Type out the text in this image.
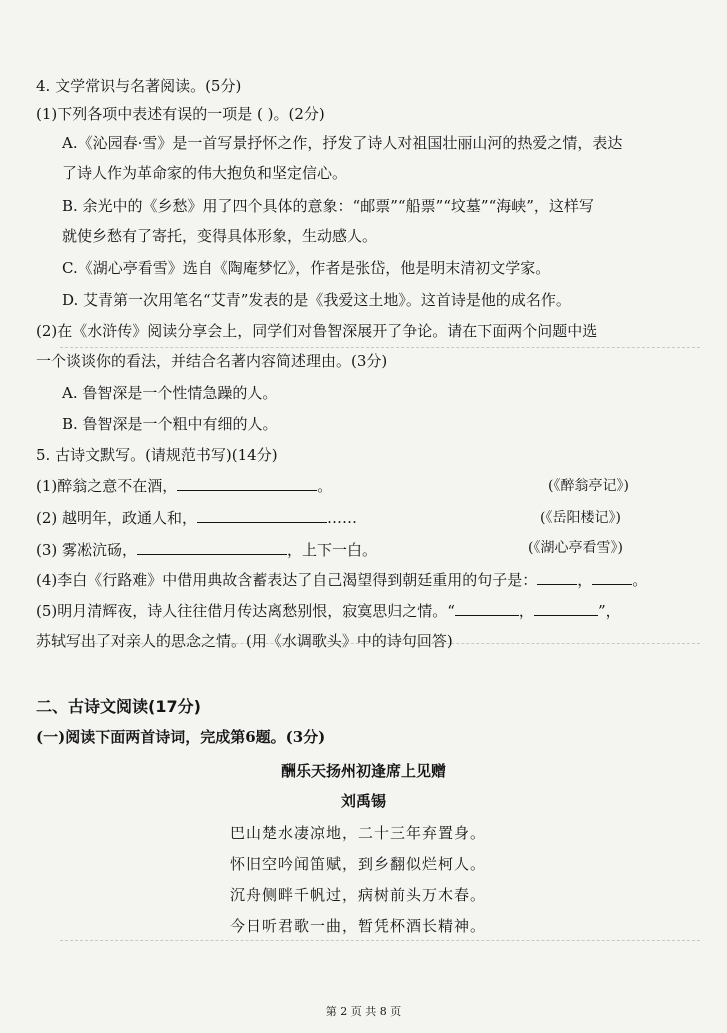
4. 文学常识与名著阅读。(5分)
(1)下列各项中表述有误的一项是 ( )。(2分)
A.《沁园春·雪》是一首写景抒怀之作，抒发了诗人对祖国壮丽山河的热爱之情，表达
了诗人作为革命家的伟大抱负和坚定信心。
B. 余光中的《乡愁》用了四个具体的意象：“邮票”“船票”“坟墓”“海峡”，这样写
就使乡愁有了寄托，变得具体形象，生动感人。
C.《湖心亭看雪》选自《陶庵梦忆》，作者是张岱，他是明末清初文学家。
D. 艾青第一次用笔名“艾青”发表的是《我爱这土地》。这首诗是他的成名作。
(2)在《水浒传》阅读分享会上，同学们对鲁智深展开了争论。请在下面两个问题中选
一个谈谈你的看法，并结合名著内容简述理由。(3分)
A. 鲁智深是一个性情急躁的人。
B. 鲁智深是一个粗中有细的人。
5. 古诗文默写。(请规范书写)(14分)
(1)醉翁之意不在酒，	。	(《醉翁亭记》)
(2) 越明年，政通人和，	……	(《岳阳楼记》)
(3) 雾凇沆砀，	，上下一白。	(《湖心亭看雪》)
(4)李白《行路难》中借用典故含蓄表达了自己渴望得到朝廷重用的句子是：	，	。
(5)明月清辉夜，诗人往往借月传达离愁别恨，寂寞思归之情。“	，	”，
苏轼写出了对亲人的思念之情。(用《水调歌头》中的诗句回答)
二、古诗文阅读(17分)
(一)阅读下面两首诗词，完成第6题。(3分)
酬乐天扬州初逢席上见赠
刘禹锡
巴山楚水凄凉地，二十三年弃置身。
怀旧空吟闻笛赋，到乡翻似烂柯人。
沉舟侧畔千帆过，病树前头万木春。
今日听君歌一曲，暂凭杯酒长精神。
第 2 页 共 8 页
